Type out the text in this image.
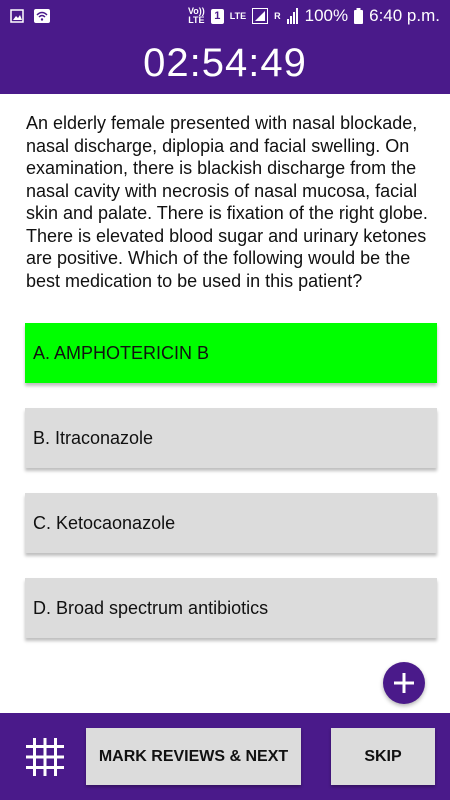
Vo))
LTE 1	LTE	R 100% 6:40 p.m.
02:54:49
An elderly female presented with nasal blockade, nasal discharge, diplopia and facial swelling. On examination, there is blackish discharge from the nasal cavity with necrosis of nasal mucosa, facial skin and palate. There is fixation of the right globe. There is elevated blood sugar and urinary ketones are positive. Which of the following would be the best medication to be used in this patient?
A. AMPHOTERICIN B
B. Itraconazole
C. Ketocaonazole
D. Broad spectrum antibiotics
MARK REVIEWS & NEXT	SKIP
